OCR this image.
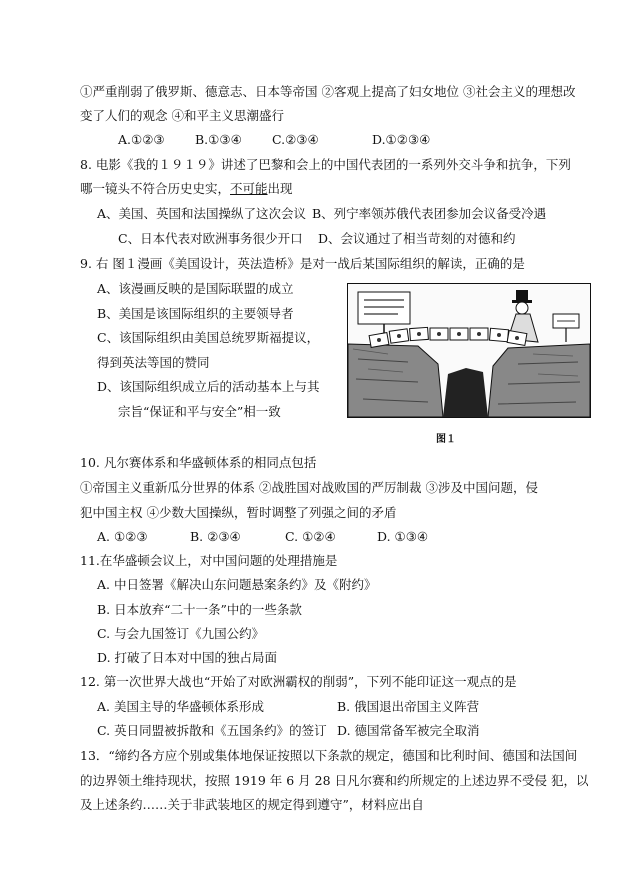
①严重削弱了俄罗斯、德意志、日本等帝国 ②客观上提高了妇女地位 ③社会主义的理想改
变了人们的观念 ④和平主义思潮盛行
A.①②③ B.①③④ C.②③④	D.①②③④
8. 电影《我的１９１９》讲述了巴黎和会上的中国代表团的一系列外交斗争和抗争，下列
哪一镜头不符合历史史实，不可能出现
A、美国、英国和法国操纵了这次会议 B、列宁率领苏俄代表团参加会议备受冷遇
C、日本代表对欧洲事务很少开口 D、会议通过了相当苛刻的对德和约
9. 右 图１漫画《美国设计，英法造桥》是对一战后某国际组织的解读，正确的是
A、该漫画反映的是国际联盟的成立
B、美国是该国际组织的主要领导者
C、该国际组织由美国总统罗斯福提议，
得到英法等国的赞同
D、该国际组织成立后的活动基本上与其
宗旨“保证和平与安全”相一致
图１
10. 凡尔赛体系和华盛顿体系的相同点包括
①帝国主义重新瓜分世界的体系 ②战胜国对战败国的严厉制裁 ③涉及中国问题，侵
犯中国主权 ④少数大国操纵，暂时调整了列强之间的矛盾
A. ①②③	B. ②③④	C. ①②④	D. ①③④
11.在华盛顿会议上，对中国问题的处理措施是
A. 中日签署《解决山东问题悬案条约》及《附约》
B. 日本放弃“二十一条”中的一些条款
C. 与会九国签订《九国公约》
D. 打破了日本对中国的独占局面
12. 第一次世界大战也“开始了对欧洲霸权的削弱”，下列不能印证这一观点的是
A. 美国主导的华盛顿体系形成	B. 俄国退出帝国主义阵营
C. 英日同盟被拆散和《五国条约》的签订 D. 德国常备军被完全取消
13．“缔约各方应个别或集体地保证按照以下条款的规定，德国和比利时间、德国和法国间
的边界领土维持现状，按照 1919 年 6 月 28 日凡尔赛和约所规定的上述边界不受侵 犯，以
及上述条约……关于非武装地区的规定得到遵守”，材料应出自
